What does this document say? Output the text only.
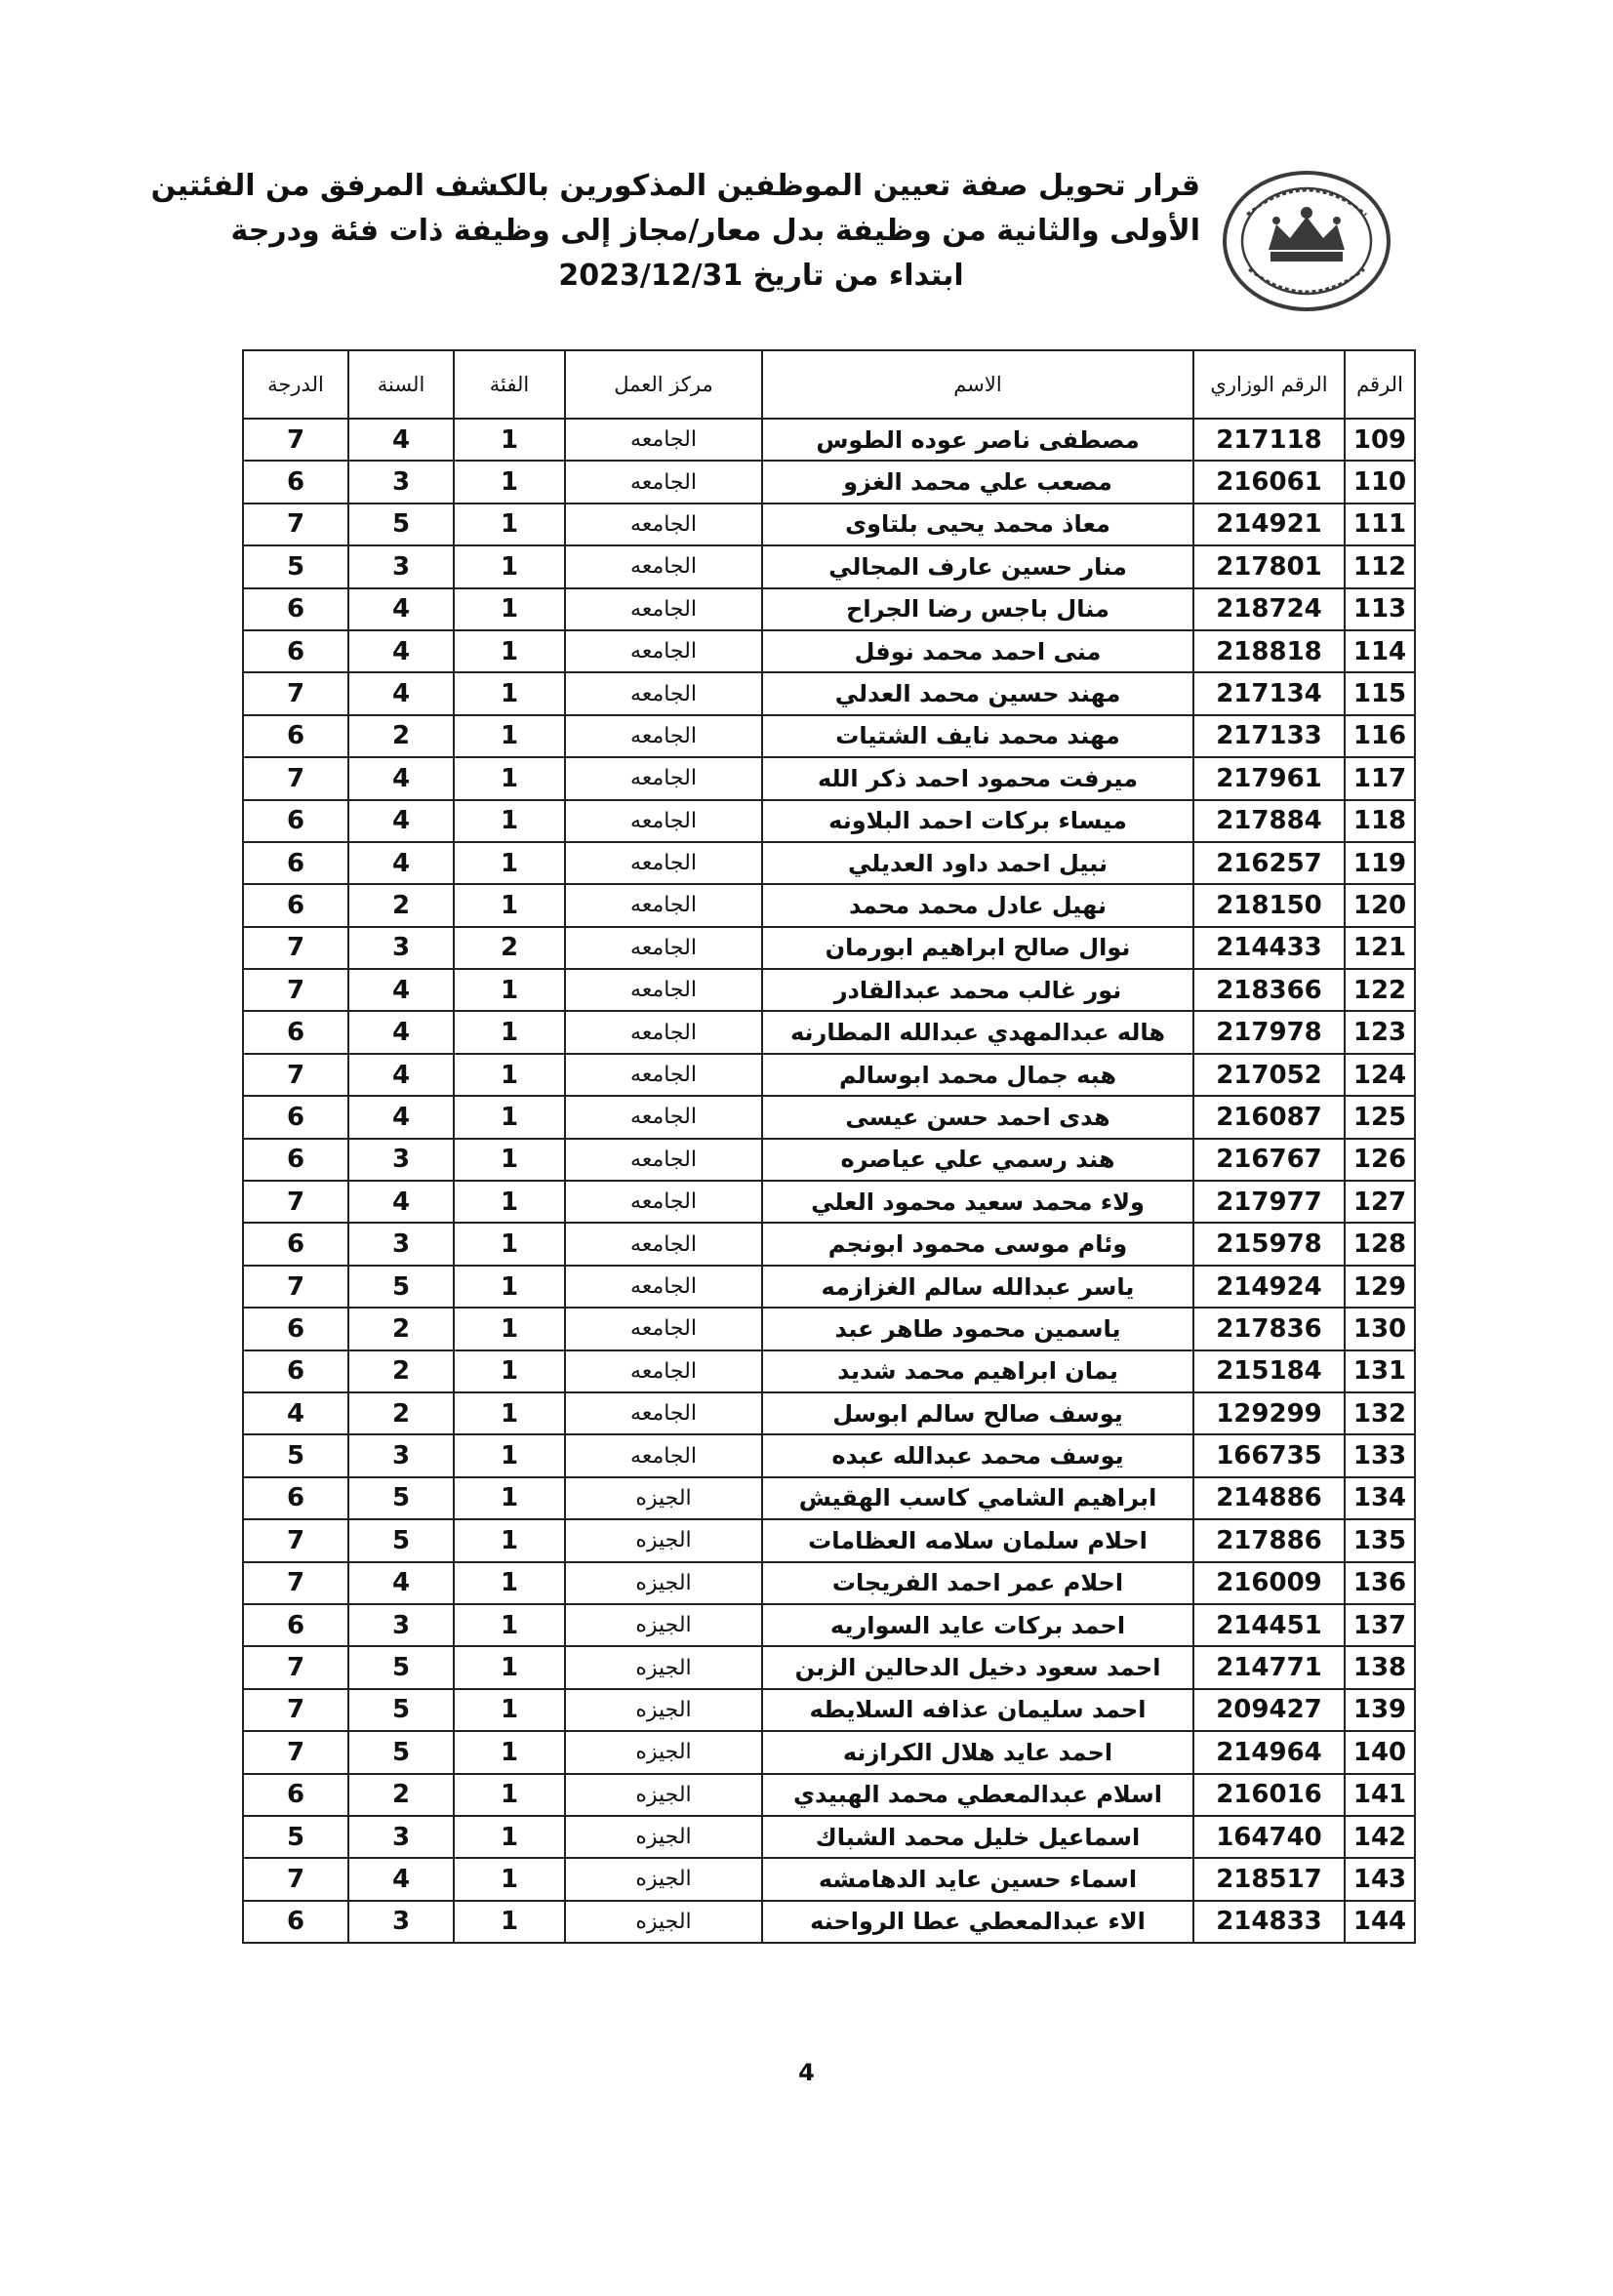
قرار تحويل صفة تعيين الموظفين المذكورين بالكشف المرفق من الفئتين
الأولى والثانية من وظيفة بدل معار/مجاز إلى وظيفة ذات فئة ودرجة
ابتداء من تاريخ 2023/12/31
الرقم	الرقم الوزاري	الاسم	مركز العمل	الفئة	السنة	الدرجة
109	217118	مصطفى ناصر عوده الطوس	الجامعه	1	4	7
110	216061	مصعب علي محمد الغزو	الجامعه	1	3	6
111	214921	معاذ محمد يحيى بلتاوى	الجامعه	1	5	7
112	217801	منار حسين عارف المجالي	الجامعه	1	3	5
113	218724	منال باجس رضا الجراح	الجامعه	1	4	6
114	218818	منى احمد محمد نوفل	الجامعه	1	4	6
115	217134	مهند حسين محمد العدلي	الجامعه	1	4	7
116	217133	مهند محمد نايف الشتيات	الجامعه	1	2	6
117	217961	ميرفت محمود احمد ذكر الله	الجامعه	1	4	7
118	217884	ميساء بركات احمد البلاونه	الجامعه	1	4	6
119	216257	نبيل احمد داود العديلي	الجامعه	1	4	6
120	218150	نهيل عادل محمد محمد	الجامعه	1	2	6
121	214433	نوال صالح ابراهيم ابورمان	الجامعه	2	3	7
122	218366	نور غالب محمد عبدالقادر	الجامعه	1	4	7
123	217978	هاله عبدالمهدي عبدالله المطارنه	الجامعه	1	4	6
124	217052	هبه جمال محمد ابوسالم	الجامعه	1	4	7
125	216087	هدى احمد حسن عيسى	الجامعه	1	4	6
126	216767	هند رسمي علي عياصره	الجامعه	1	3	6
127	217977	ولاء محمد سعيد محمود العلي	الجامعه	1	4	7
128	215978	وئام موسى محمود ابونجم	الجامعه	1	3	6
129	214924	ياسر عبدالله سالم الغزازمه	الجامعه	1	5	7
130	217836	ياسمين محمود طاهر عبد	الجامعه	1	2	6
131	215184	يمان ابراهيم محمد شديد	الجامعه	1	2	6
132	129299	يوسف صالح سالم ابوسل	الجامعه	1	2	4
133	166735	يوسف محمد عبدالله عبده	الجامعه	1	3	5
134	214886	ابراهيم الشامي كاسب الهقيش	الجيزه	1	5	6
135	217886	احلام سلمان سلامه العظامات	الجيزه	1	5	7
136	216009	احلام عمر احمد الفريجات	الجيزه	1	4	7
137	214451	احمد بركات عايد السواريه	الجيزه	1	3	6
138	214771	احمد سعود دخيل الدحالين الزبن	الجيزه	1	5	7
139	209427	احمد سليمان عذافه السلايطه	الجيزه	1	5	7
140	214964	احمد عايد هلال الكرازنه	الجيزه	1	5	7
141	216016	اسلام عبدالمعطي محمد الهبيدي	الجيزه	1	2	6
142	164740	اسماعيل خليل محمد الشباك	الجيزه	1	3	5
143	218517	اسماء حسين عايد الدهامشه	الجيزه	1	4	7
144	214833	الاء عبدالمعطي عطا الرواحنه	الجيزه	1	3	6
4
